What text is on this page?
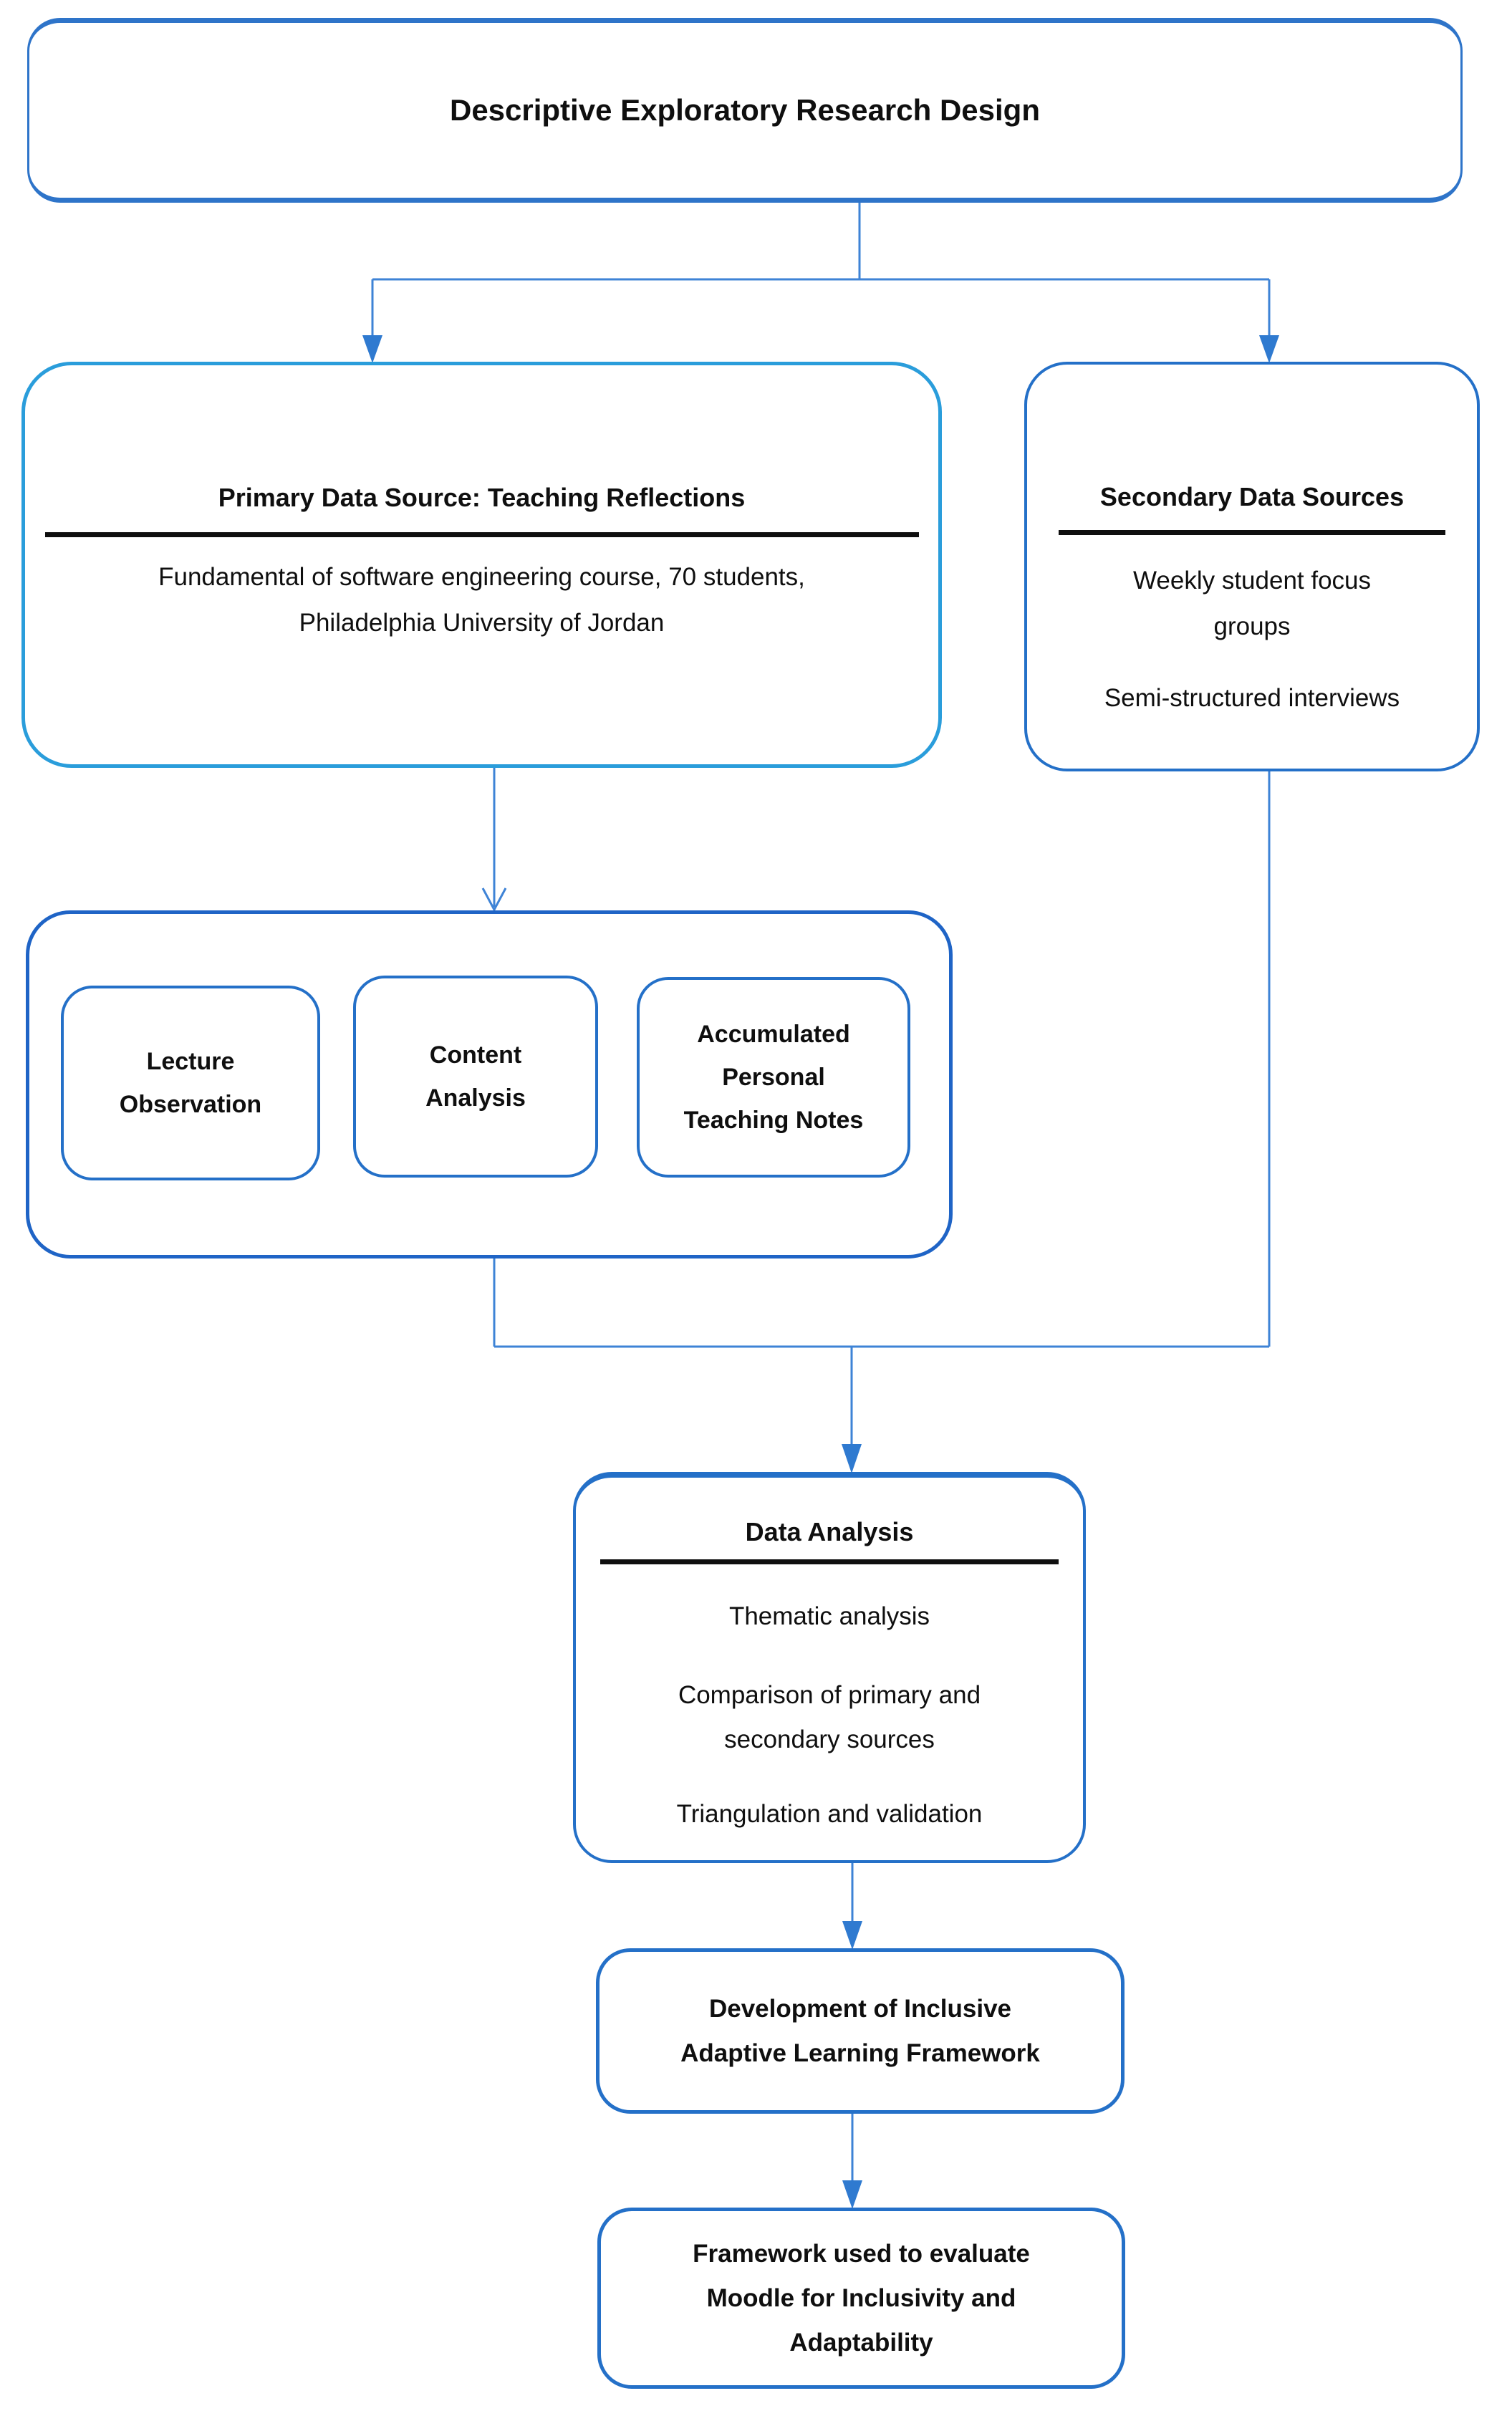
Descriptive Exploratory Research Design
Primary Data Source: Teaching Reflections
Fundamental of software engineering course, 70 students,
Philadelphia University of Jordan
Secondary Data Sources
Weekly student focus
groups
Semi-structured interviews
Lecture
Observation
Content
Analysis
Accumulated
Personal
Teaching Notes
Data Analysis
Thematic analysis
Comparison of primary and
secondary sources
Triangulation and validation
Development of Inclusive
Adaptive Learning Framework
Framework used to evaluate
Moodle for Inclusivity and
Adaptability
